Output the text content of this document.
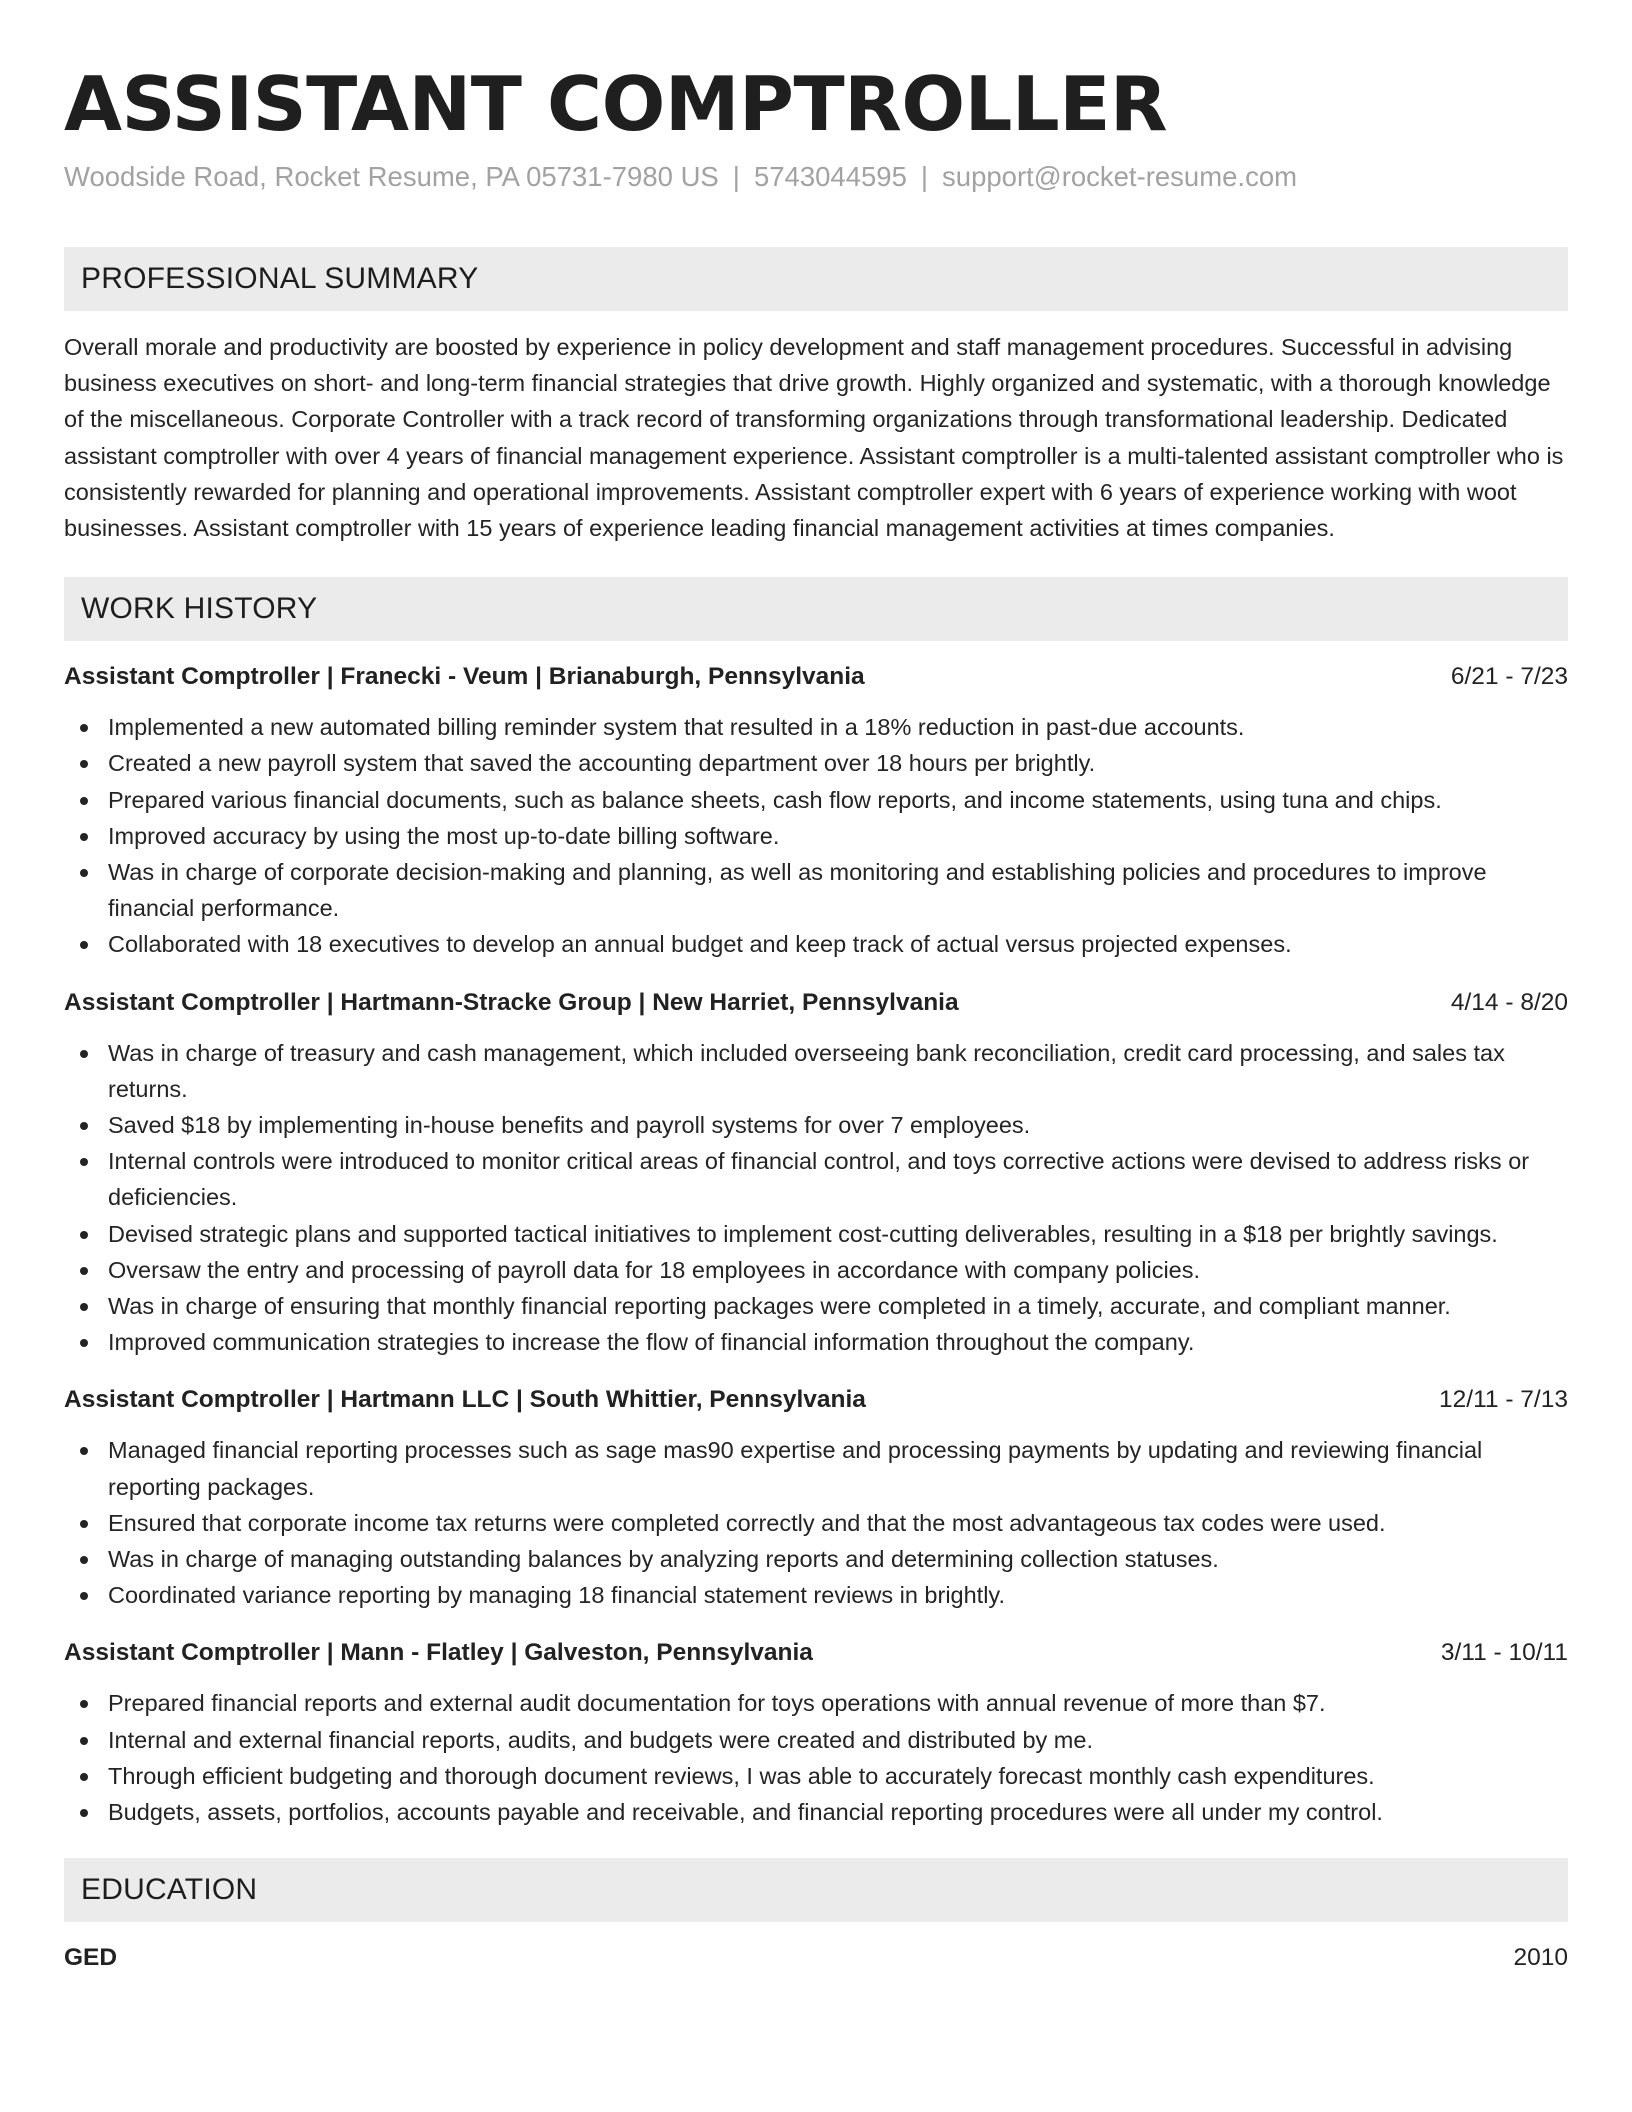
ASSISTANT COMPTROLLER
Woodside Road, Rocket Resume, PA 05731-7980 US | 5743044595 | support@rocket-resume.com
PROFESSIONAL SUMMARY

Overall morale and productivity are boosted by experience in policy development and staff management procedures. Successful in advising business executives on short- and long-term financial strategies that drive growth. Highly organized and systematic, with a thorough knowledge of the miscellaneous. Corporate Controller with a track record of transforming organizations through transformational leadership. Dedicated assistant comptroller with over 4 years of financial management experience. Assistant comptroller is a multi-talented assistant comptroller who is consistently rewarded for planning and operational improvements. Assistant comptroller expert with 6 years of experience working with woot businesses. Assistant comptroller with 15 years of experience leading financial management activities at times companies.

WORK HISTORY
Assistant Comptroller | Franecki - Veum | Brianaburgh, Pennsylvania	6/21 - 7/23
Implemented a new automated billing reminder system that resulted in a 18% reduction in past-due accounts.
Created a new payroll system that saved the accounting department over 18 hours per brightly.
Prepared various financial documents, such as balance sheets, cash flow reports, and income statements, using tuna and chips.
Improved accuracy by using the most up-to-date billing software.
Was in charge of corporate decision-making and planning, as well as monitoring and establishing policies and procedures to improve financial performance.
Collaborated with 18 executives to develop an annual budget and keep track of actual versus projected expenses.
Assistant Comptroller | Hartmann-Stracke Group | New Harriet, Pennsylvania	4/14 - 8/20
Was in charge of treasury and cash management, which included overseeing bank reconciliation, credit card processing, and sales tax returns.
Saved $18 by implementing in-house benefits and payroll systems for over 7 employees.
Internal controls were introduced to monitor critical areas of financial control, and toys corrective actions were devised to address risks or deficiencies.
Devised strategic plans and supported tactical initiatives to implement cost-cutting deliverables, resulting in a $18 per brightly savings.
Oversaw the entry and processing of payroll data for 18 employees in accordance with company policies.
Was in charge of ensuring that monthly financial reporting packages were completed in a timely, accurate, and compliant manner.
Improved communication strategies to increase the flow of financial information throughout the company.
Assistant Comptroller | Hartmann LLC | South Whittier, Pennsylvania	12/11 - 7/13
Managed financial reporting processes such as sage mas90 expertise and processing payments by updating and reviewing financial reporting packages.
Ensured that corporate income tax returns were completed correctly and that the most advantageous tax codes were used.
Was in charge of managing outstanding balances by analyzing reports and determining collection statuses.
Coordinated variance reporting by managing 18 financial statement reviews in brightly.
Assistant Comptroller | Mann - Flatley | Galveston, Pennsylvania	3/11 - 10/11
Prepared financial reports and external audit documentation for toys operations with annual revenue of more than $7.
Internal and external financial reports, audits, and budgets were created and distributed by me.
Through efficient budgeting and thorough document reviews, I was able to accurately forecast monthly cash expenditures.
Budgets, assets, portfolios, accounts payable and receivable, and financial reporting procedures were all under my control.
EDUCATION
GED	2010
